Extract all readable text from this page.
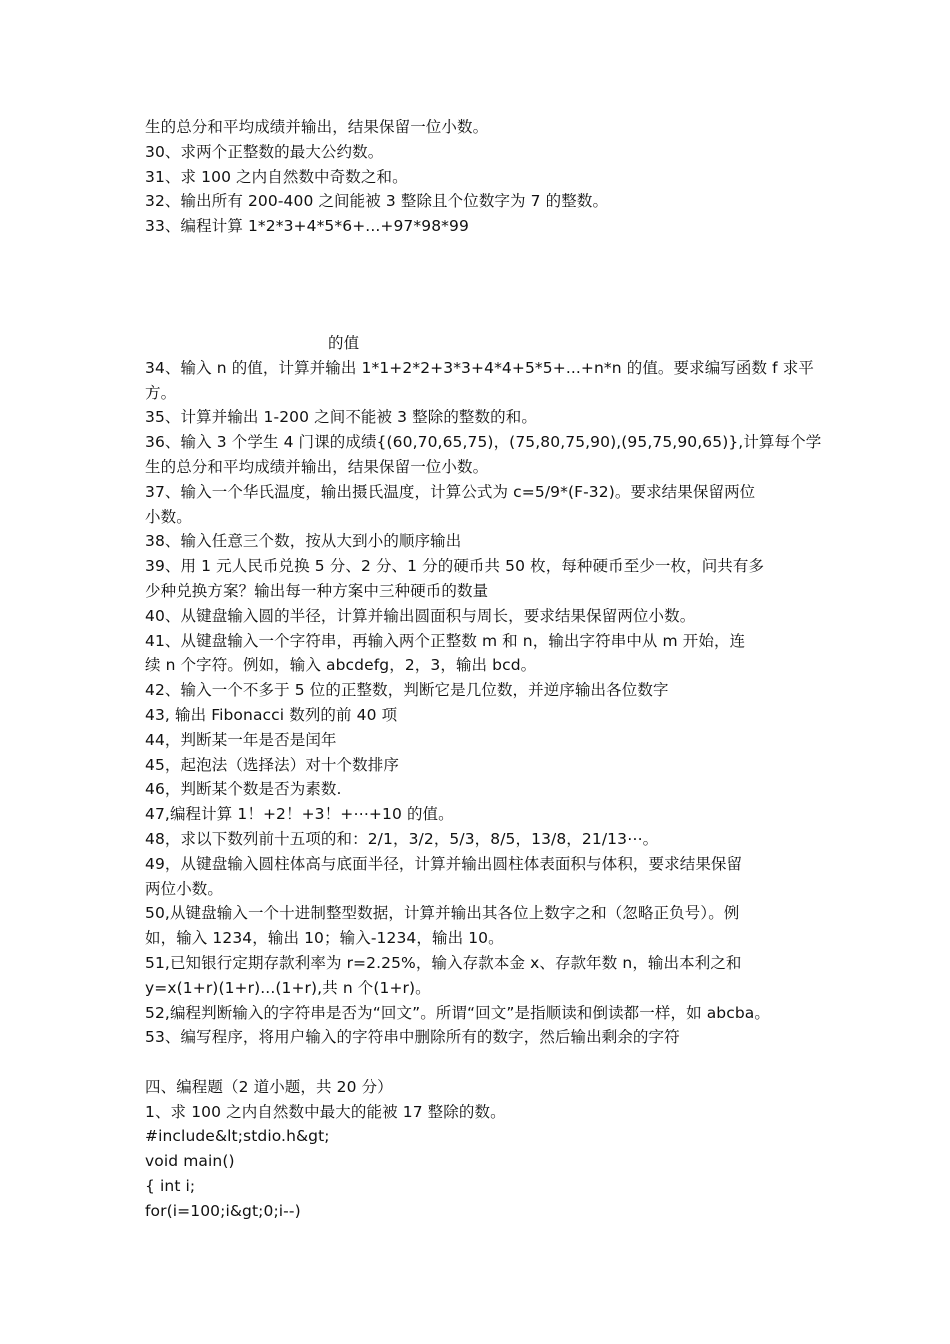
生的总分和平均成绩并输出，结果保留一位小数。
30、求两个正整数的最大公约数。
31、求 100 之内自然数中奇数之和。
32、输出所有 200-400 之间能被 3 整除且个位数字为 7 的整数。
33、编程计算 1*2*3+4*5*6+...+97*98*99
的值
34、输入 n 的值，计算并输出 1*1+2*2+3*3+4*4+5*5+...+n*n 的值。要求编写函数 f 求平
方。
35、计算并输出 1-200 之间不能被 3 整除的整数的和。
36、输入 3 个学生 4 门课的成绩{(60,70,65,75)，(75,80,75,90),(95,75,90,65)},计算每个学
生的总分和平均成绩并输出，结果保留一位小数。
37、输入一个华氏温度，输出摄氏温度，计算公式为 c=5/9*(F-32)。要求结果保留两位
小数。
38、输入任意三个数，按从大到小的顺序输出
39、用 1 元人民币兑换 5 分、2 分、1 分的硬币共 50 枚，每种硬币至少一枚，问共有多
少种兑换方案？输出每一种方案中三种硬币的数量
40、从键盘输入圆的半径，计算并输出圆面积与周长，要求结果保留两位小数。
41、从键盘输入一个字符串，再输入两个正整数 m 和 n，输出字符串中从 m 开始，连
续 n 个字符。例如，输入 abcdefg，2，3，输出 bcd。
42、输入一个不多于 5 位的正整数，判断它是几位数，并逆序输出各位数字
43, 输出 Fibonacci 数列的前 40 项
44，判断某一年是否是闰年
45，起泡法（选择法）对十个数排序
46，判断某个数是否为素数.
47,编程计算 1！+2！+3！+⋯+10 的值。
48，求以下数列前十五项的和：2/1，3/2，5/3，8/5，13/8，21/13⋯。
49，从键盘输入圆柱体高与底面半径，计算并输出圆柱体表面积与体积，要求结果保留
两位小数。
50,从键盘输入一个十进制整型数据，计算并输出其各位上数字之和（忽略正负号）。例
如，输入 1234，输出 10；输入-1234，输出 10。
51,已知银行定期存款利率为 r=2.25%，输入存款本金 x、存款年数 n，输出本利之和
y=x(1+r)(1+r)...(1+r),共 n 个(1+r)。
52,编程判断输入的字符串是否为“回文”。所谓“回文”是指顺读和倒读都一样，如 abcba。
53、编写程序，将用户输入的字符串中删除所有的数字，然后输出剩余的字符
四、编程题（2 道小题，共 20 分）
1、求 100 之内自然数中最大的能被 17 整除的数。
#include&lt;stdio.h&gt;
void main()
{ int i;
for(i=100;i&gt;0;i--)
